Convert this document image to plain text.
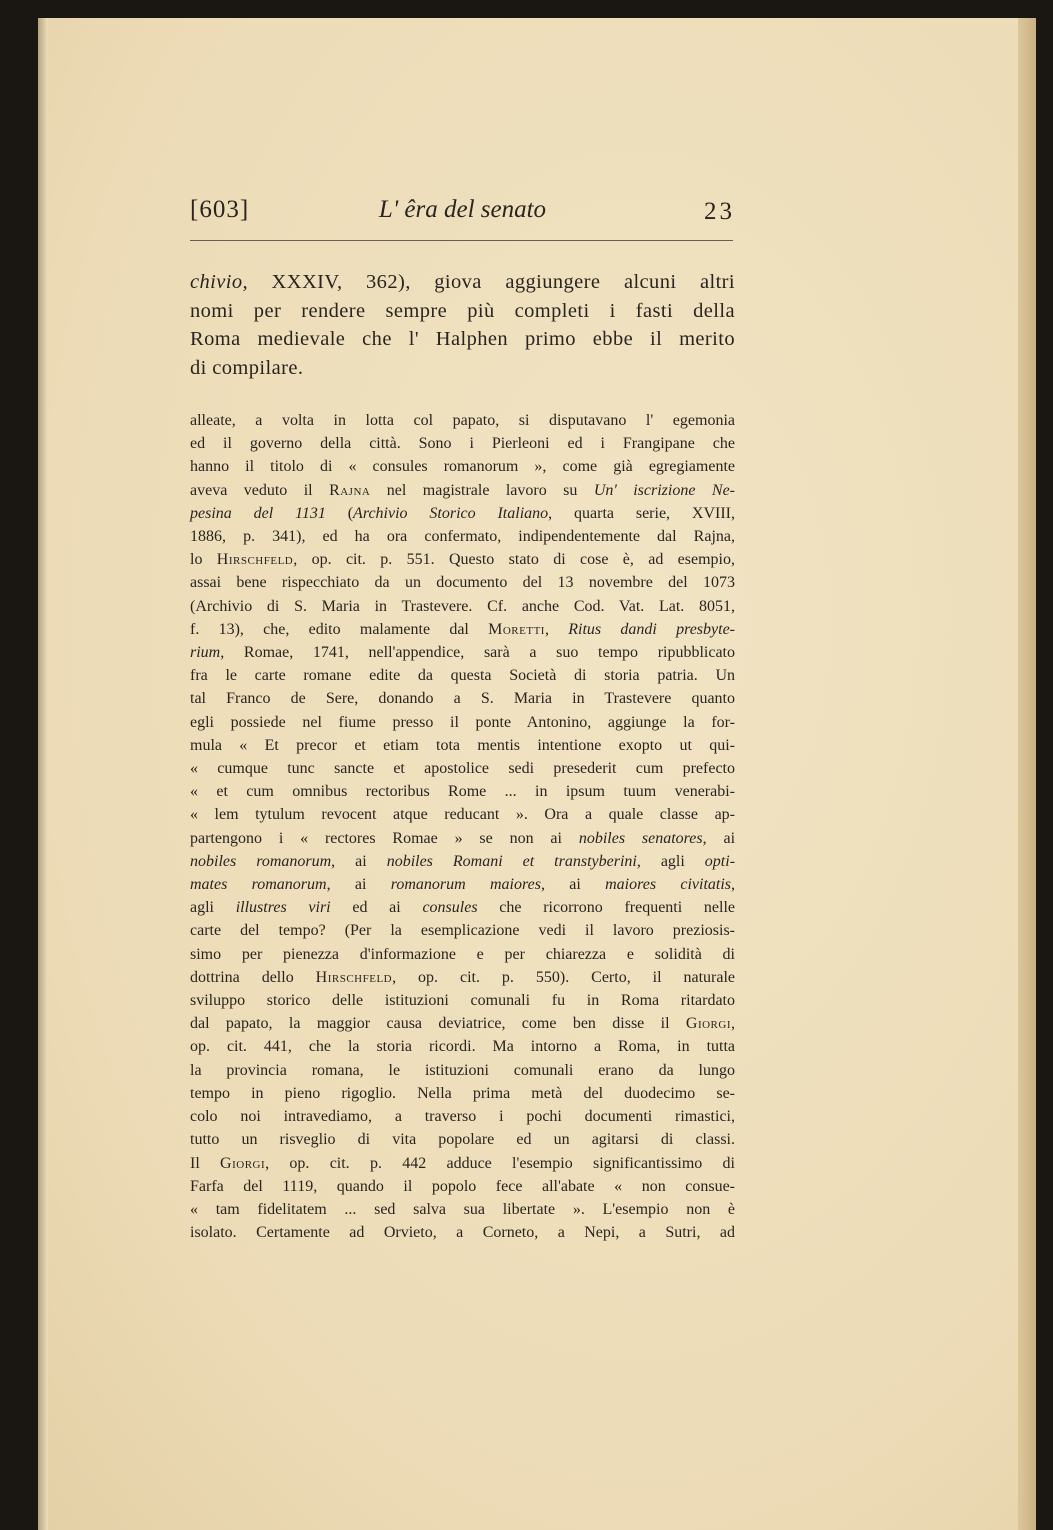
[603]	L' êra del senato	23
chivio, XXXIV, 362), giova aggiungere alcuni altri
nomi per rendere sempre più completi i fasti della
Roma medievale che l' Halphen primo ebbe il merito
di compilare.
alleate, a volta in lotta col papato, si disputavano l' egemonia
ed il governo della città. Sono i Pierleoni ed i Frangipane che
hanno il titolo di « consules romanorum », come già egregiamente
aveva veduto il Rajna nel magistrale lavoro su Un' iscrizione Ne-
pesina del 1131 (Archivio Storico Italiano, quarta serie, XVIII,
1886, p. 341), ed ha ora confermato, indipendentemente dal Rajna,
lo Hirschfeld, op. cit. p. 551. Questo stato di cose è, ad esempio,
assai bene rispecchiato da un documento del 13 novembre del 1073
(Archivio di S. Maria in Trastevere. Cf. anche Cod. Vat. Lat. 8051,
f. 13), che, edito malamente dal Moretti, Ritus dandi presbyte-
rium, Romae, 1741, nell'appendice, sarà a suo tempo ripubblicato
fra le carte romane edite da questa Società di storia patria. Un
tal Franco de Sere, donando a S. Maria in Trastevere quanto
egli possiede nel fiume presso il ponte Antonino, aggiunge la for-
mula « Et precor et etiam tota mentis intentione exopto ut qui-
« cumque tunc sancte et apostolice sedi presederit cum prefecto
« et cum omnibus rectoribus Rome ... in ipsum tuum venerabi-
« lem tytulum revocent atque reducant ». Ora a quale classe ap-
partengono i « rectores Romae » se non ai nobiles senatores, ai
nobiles romanorum, ai nobiles Romani et transtyberini, agli opti-
mates romanorum, ai romanorum maiores, ai maiores civitatis,
agli illustres viri ed ai consules che ricorrono frequenti nelle
carte del tempo? (Per la esemplicazione vedi il lavoro preziosis-
simo per pienezza d'informazione e per chiarezza e solidità di
dottrina dello Hirschfeld, op. cit. p. 550). Certo, il naturale
sviluppo storico delle istituzioni comunali fu in Roma ritardato
dal papato, la maggior causa deviatrice, come ben disse il Giorgi,
op. cit. 441, che la storia ricordi. Ma intorno a Roma, in tutta
la provincia romana, le istituzioni comunali erano da lungo
tempo in pieno rigoglio. Nella prima metà del duodecimo se-
colo noi intravediamo, a traverso i pochi documenti rimastici,
tutto un risveglio di vita popolare ed un agitarsi di classi.
Il Giorgi, op. cit. p. 442 adduce l'esempio significantissimo di
Farfa del 1119, quando il popolo fece all'abate « non consue-
« tam fidelitatem ... sed salva sua libertate ». L'esempio non è
isolato. Certamente ad Orvieto, a Corneto, a Nepi, a Sutri, ad
